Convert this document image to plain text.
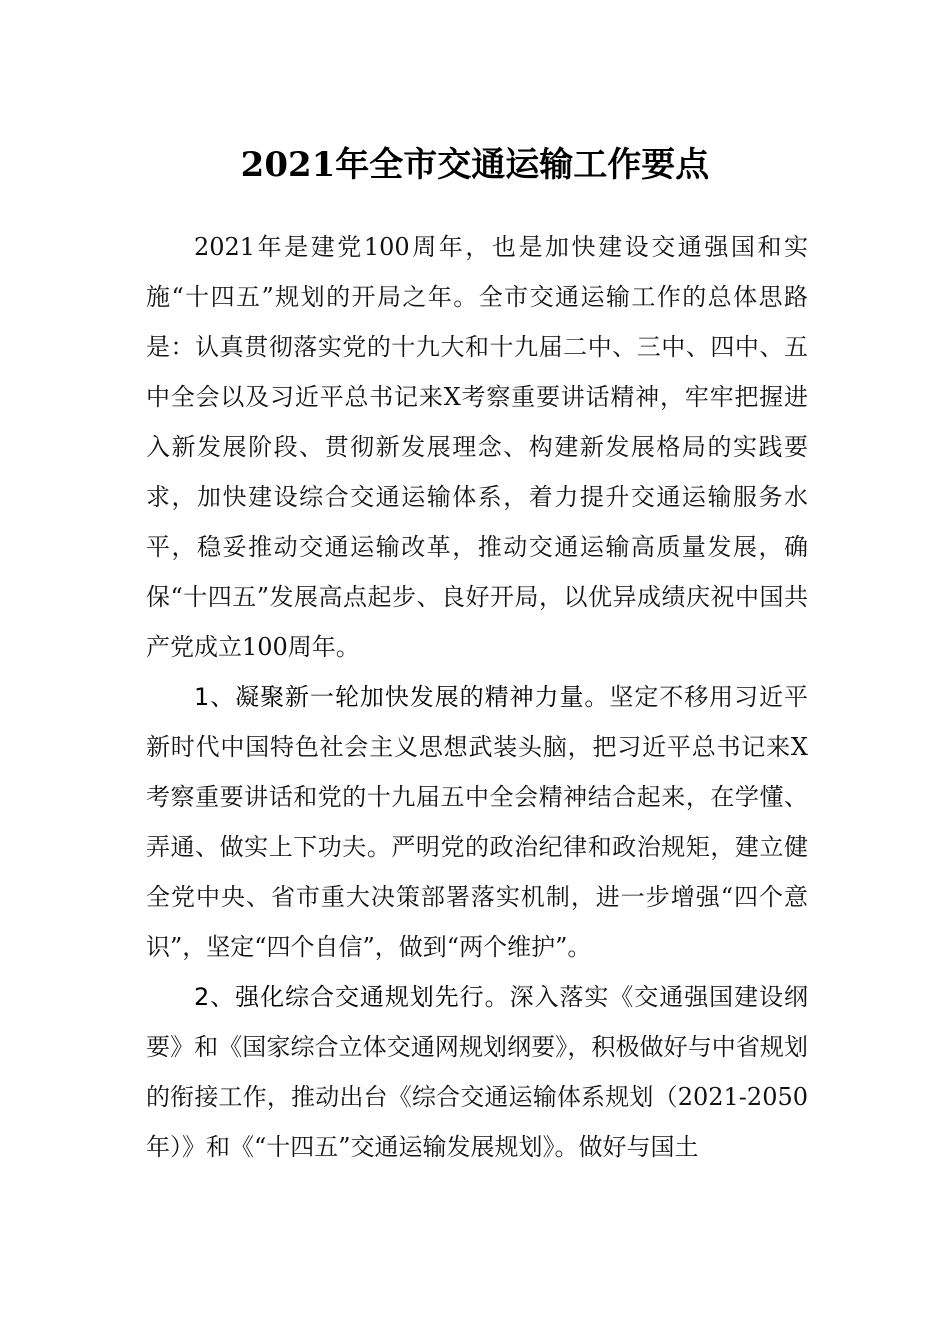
2021年全市交通运输工作要点

2021年是建党100周年，也是加快建设交通强国和实施“十四五”规划的开局之年。全市交通运输工作的总体思路是：认真贯彻落实党的十九大和十九届二中、三中、四中、五中全会以及习近平总书记来X考察重要讲话精神，牢牢把握进入新发展阶段、贯彻新发展理念、构建新发展格局的实践要求，加快建设综合交通运输体系，着力提升交通运输服务水平，稳妥推动交通运输改革，推动交通运输高质量发展，确保“十四五”发展高点起步、良好开局，以优异成绩庆祝中国共产党成立100周年。

1、凝聚新一轮加快发展的精神力量。坚定不移用习近平新时代中国特色社会主义思想武装头脑，把习近平总书记来X考察重要讲话和党的十九届五中全会精神结合起来，在学懂、弄通、做实上下功夫。严明党的政治纪律和政治规矩，建立健全党中央、省市重大决策部署落实机制，进一步增强“四个意识”，坚定“四个自信”，做到“两个维护”。

2、强化综合交通规划先行。深入落实《交通强国建设纲要》和《国家综合立体交通网规划纲要》，积极做好与中省规划的衔接工作，推动出台《综合交通运输体系规划（2021-2050年）》和《“十四五”交通运输发展规划》。做好与国土
